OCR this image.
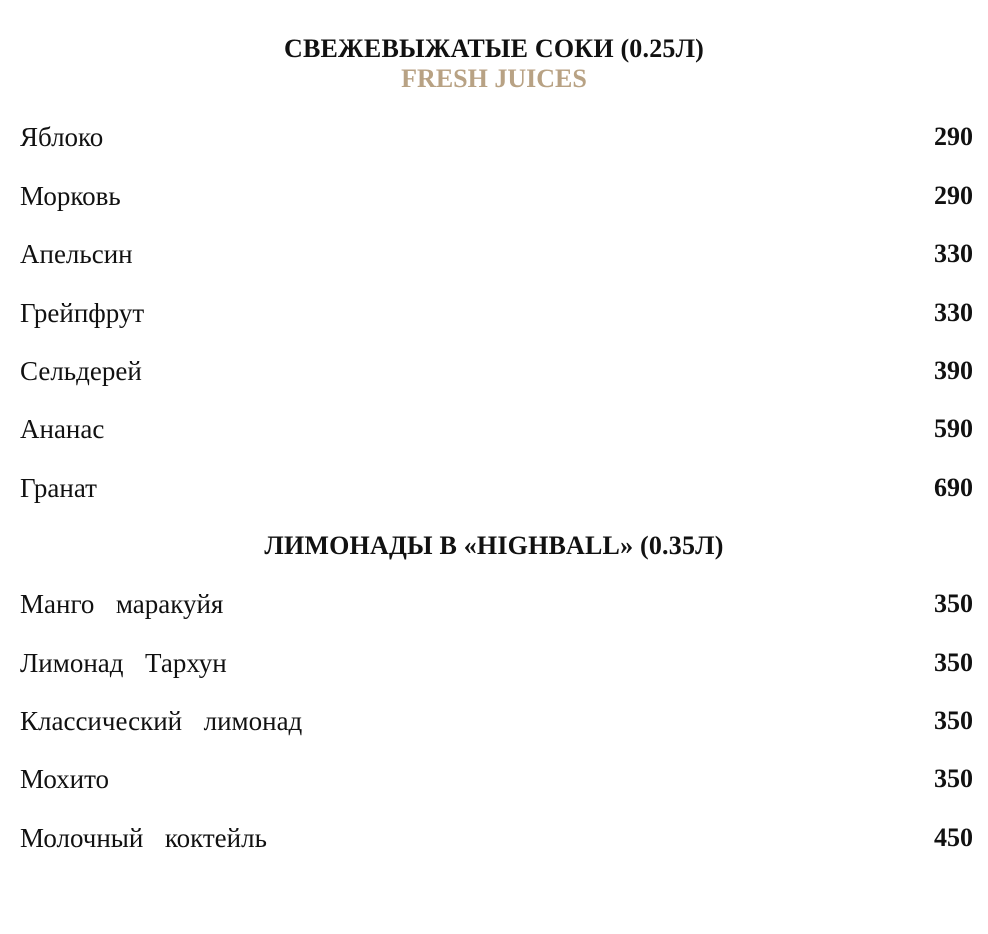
СВЕЖЕВЫЖАТЫЕ СОКИ (0.25Л)
FRESH JUICES
Яблоко	290
Морковь	290
Апельсин	330
Грейпфрут	330
Сельдерей	390
Ананас	590
Гранат	690
ЛИМОНАДЫ В «HIGHBALL» (0.35Л)
Манго  маракуйя	350
Лимонад  Тархун	350
Классический  лимонад	350
Мохито	350
Молочный  коктейль	450
